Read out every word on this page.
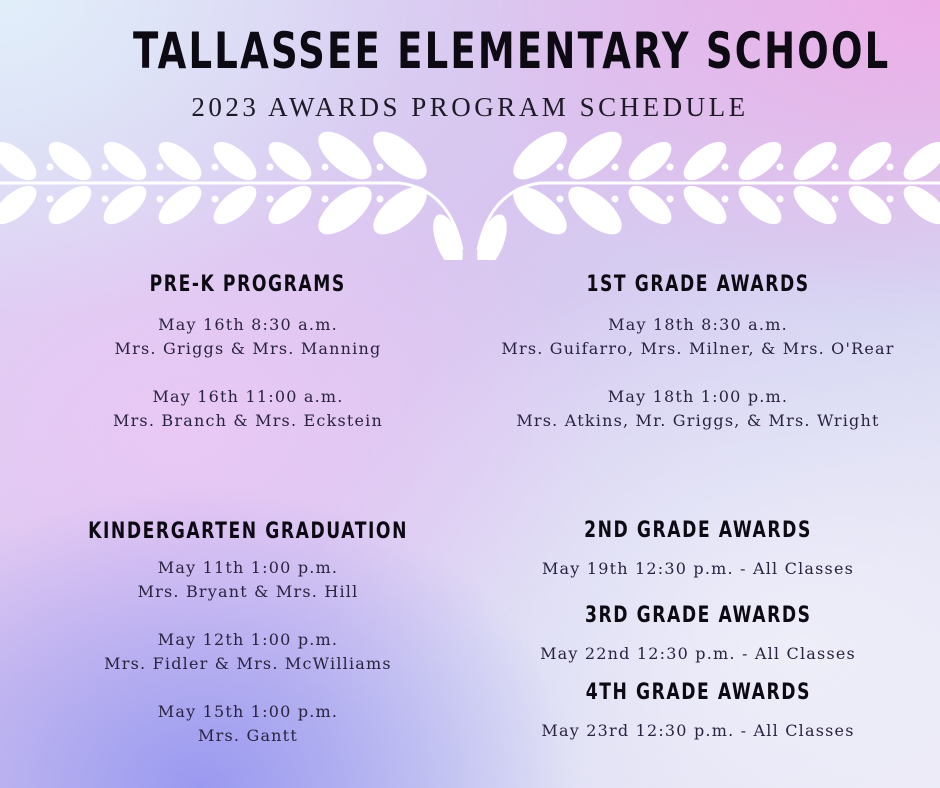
TALLASSEE ELEMENTARY SCHOOL
2023 AWARDS PROGRAM SCHEDULE
PRE-K PROGRAMS
May 16th 8:30 a.m.
Mrs. Griggs & Mrs. Manning
May 16th 11:00 a.m.
Mrs. Branch & Mrs. Eckstein
1ST GRADE AWARDS
May 18th 8:30 a.m.
Mrs. Guifarro, Mrs. Milner, & Mrs. O'Rear
May 18th 1:00 p.m.
Mrs. Atkins, Mr. Griggs, & Mrs. Wright
KINDERGARTEN GRADUATION
May 11th 1:00 p.m.
Mrs. Bryant & Mrs. Hill
May 12th 1:00 p.m.
Mrs. Fidler & Mrs. McWilliams
May 15th 1:00 p.m.
Mrs. Gantt
2ND GRADE AWARDS
May 19th 12:30 p.m. - All Classes
3RD GRADE AWARDS
May 22nd 12:30 p.m. - All Classes
4TH GRADE AWARDS
May 23rd 12:30 p.m. - All Classes
